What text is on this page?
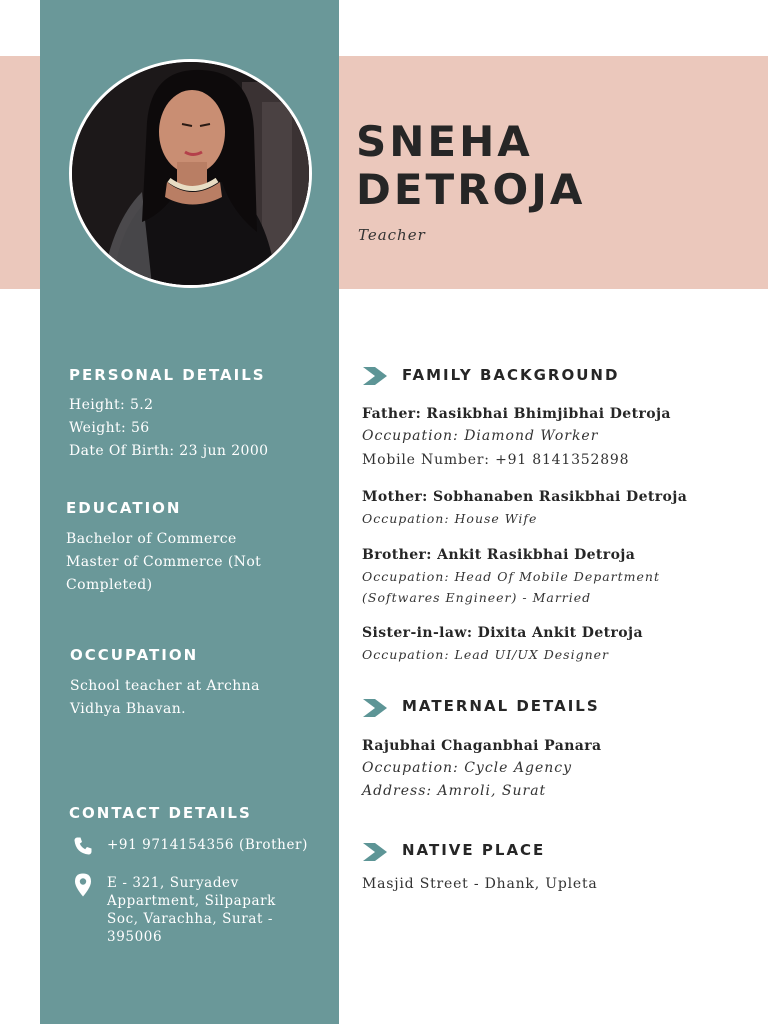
SNEHA
DETROJA
Teacher
PERSONAL DETAILS
Height: 5.2
Weight: 56
Date Of Birth: 23 jun 2000
EDUCATION
Bachelor of Commerce
Master of Commerce (Not
Completed)
OCCUPATION
School teacher at Archna
Vidhya Bhavan.
CONTACT DETAILS
+91 9714154356 (Brother)
E - 321, Suryadev Appartment, Silpapark Soc, Varachha, Surat - 395006
FAMILY BACKGROUND
Father: Rasikbhai Bhimjibhai Detroja
Occupation: Diamond Worker
Mobile Number: +91 8141352898
Mother: Sobhanaben Rasikbhai Detroja
Occupation: House Wife
Brother: Ankit Rasikbhai Detroja
Occupation: Head Of Mobile Department
(Softwares Engineer) - Married
Sister-in-law: Dixita Ankit Detroja
Occupation: Lead UI/UX Designer
MATERNAL DETAILS
Rajubhai Chaganbhai Panara
Occupation: Cycle Agency
Address: Amroli, Surat
NATIVE PLACE
Masjid Street - Dhank, Upleta
